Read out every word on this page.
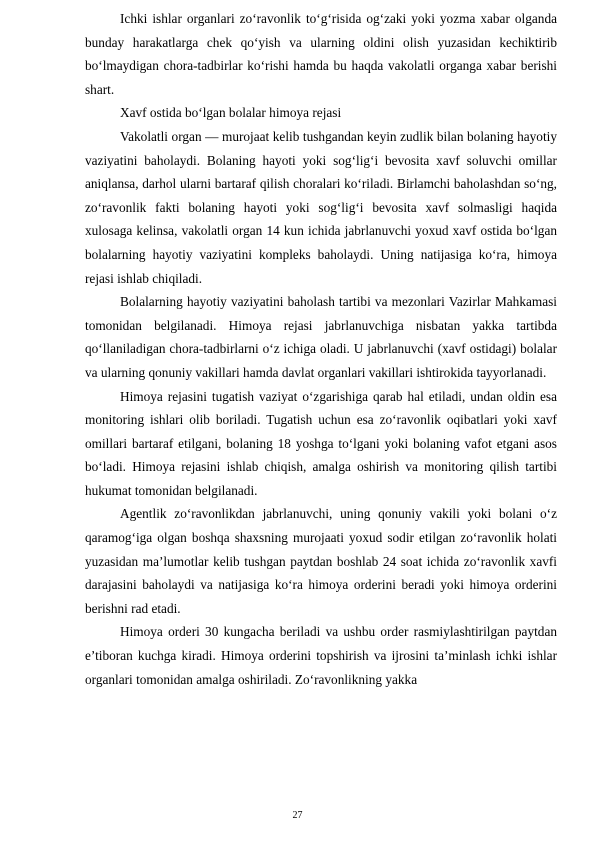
Ichki ishlar organlari zo‘ravonlik to‘g‘risida og‘zaki yoki yozma xabar olganda bunday harakatlarga chek qo‘yish va ularning oldini olish yuzasidan kechiktirib bo‘lmaydigan chora-tadbirlar ko‘rishi hamda bu haqda vakolatli organga xabar berishi shart.

Xavf ostida bo‘lgan bolalar himoya rejasi

Vakolatli organ — murojaat kelib tushgandan keyin zudlik bilan bolaning hayotiy vaziyatini baholaydi. Bolaning hayoti yoki sog‘lig‘i bevosita xavf soluvchi omillar aniqlansa, darhol ularni bartaraf qilish choralari ko‘riladi. Birlamchi baholashdan so‘ng, zo‘ravonlik fakti bolaning hayoti yoki sog‘lig‘i bevosita xavf solmasligi haqida xulosaga kelinsa, vakolatli organ 14 kun ichida jabrlanuvchi yoxud xavf ostida bo‘lgan bolalarning hayotiy vaziyatini kompleks baholaydi. Uning natijasiga ko‘ra, himoya rejasi ishlab chiqiladi.

Bolalarning hayotiy vaziyatini baholash tartibi va mezonlari Vazirlar Mahkamasi tomonidan belgilanadi. Himoya rejasi jabrlanuvchiga nisbatan yakka tartibda qo‘llaniladigan chora-tadbirlarni o‘z ichiga oladi. U jabrlanuvchi (xavf ostidagi) bolalar va ularning qonuniy vakillari hamda davlat organlari vakillari ishtirokida tayyorlanadi.

Himoya rejasini tugatish vaziyat o‘zgarishiga qarab hal etiladi, undan oldin esa monitoring ishlari olib boriladi. Tugatish uchun esa zo‘ravonlik oqibatlari yoki xavf omillari bartaraf etilgani, bolaning 18 yoshga to‘lgani yoki bolaning vafot etgani asos bo‘ladi. Himoya rejasini ishlab chiqish, amalga oshirish va monitoring qilish tartibi hukumat tomonidan belgilanadi.

Agentlik zo‘ravonlikdan jabrlanuvchi, uning qonuniy vakili yoki bolani o‘z qaramog‘iga olgan boshqa shaxsning murojaati yoxud sodir etilgan zo‘ravonlik holati yuzasidan ma’lumotlar kelib tushgan paytdan boshlab 24 soat ichida zo‘ravonlik xavfi darajasini baholaydi va natijasiga ko‘ra himoya orderini beradi yoki himoya orderini berishni rad etadi.

Himoya orderi 30 kungacha beriladi va ushbu order rasmiylashtirilgan paytdan e’tiboran kuchga kiradi. Himoya orderini topshirish va ijrosini ta’minlash ichki ishlar organlari tomonidan amalga oshiriladi. Zo‘ravonlikning yakka

27
